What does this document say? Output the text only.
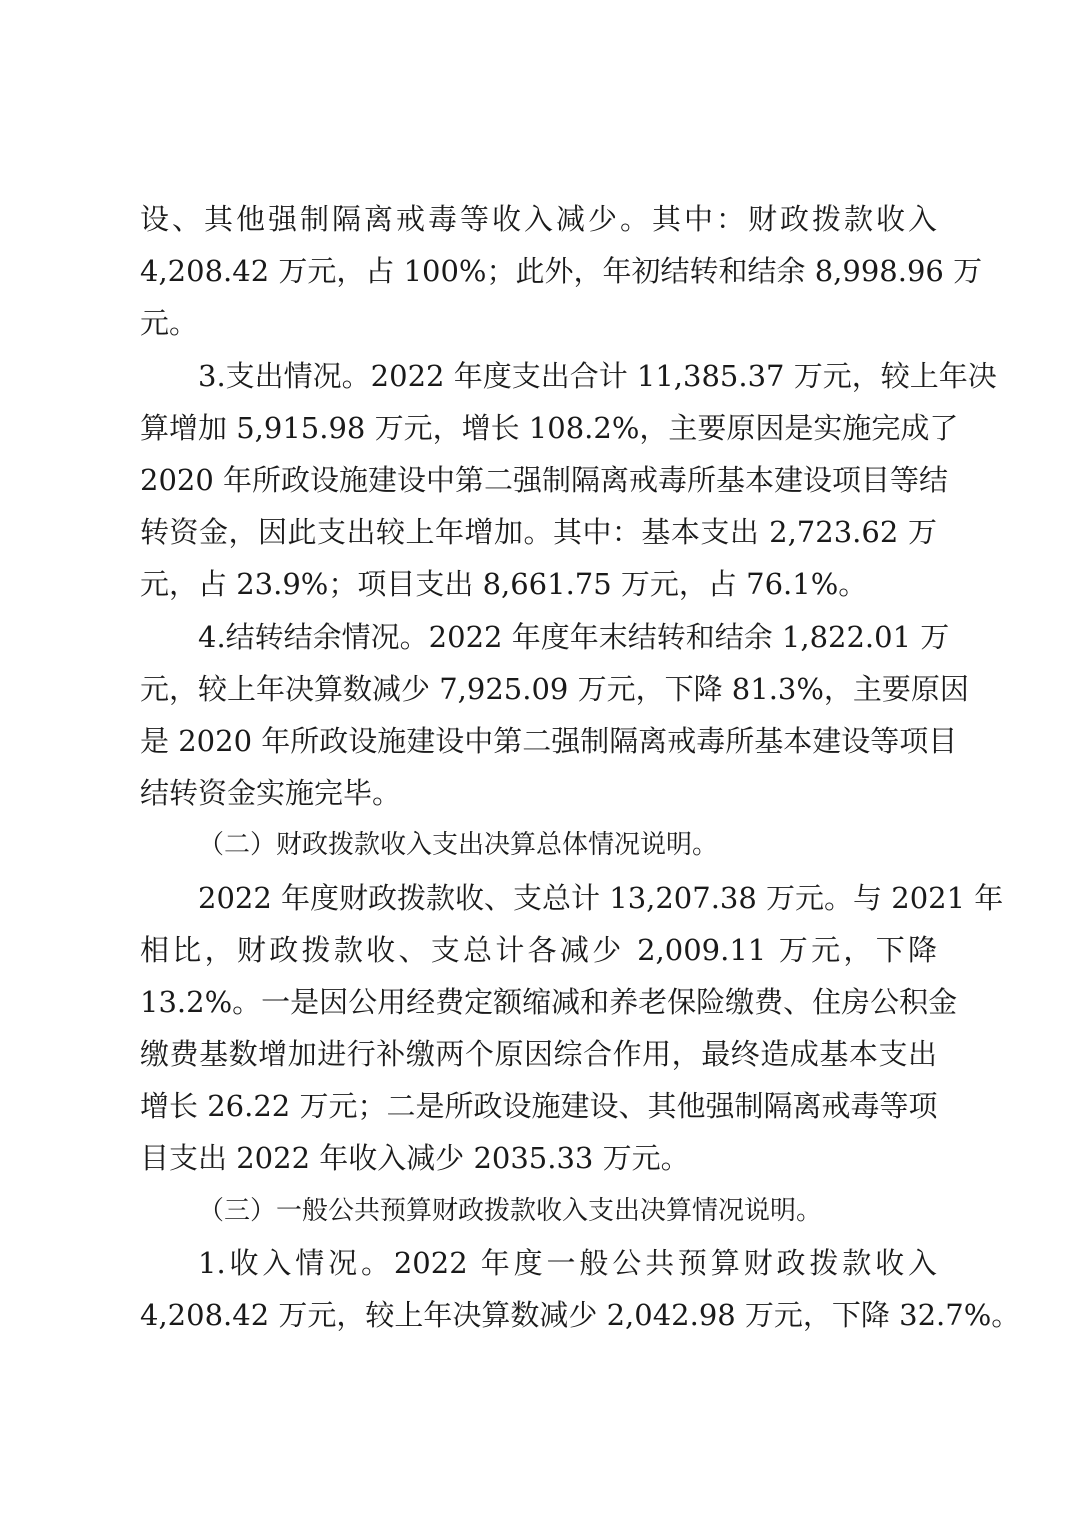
设、其他强制隔离戒毒等收入减少。其中：财政拨款收入
4,208.42 万元，占 100%；此外，年初结转和结余 8,998.96 万
元。
3.支出情况。2022 年度支出合计 11,385.37 万元，较上年决
算增加 5,915.98 万元，增长 108.2%，主要原因是实施完成了
2020 年所政设施建设中第二强制隔离戒毒所基本建设项目等结
转资金，因此支出较上年增加。其中：基本支出 2,723.62 万
元，占 23.9%；项目支出 8,661.75 万元，占 76.1%。
4.结转结余情况。2022 年度年末结转和结余 1,822.01 万
元，较上年决算数减少 7,925.09 万元，下降 81.3%，主要原因
是 2020 年所政设施建设中第二强制隔离戒毒所基本建设等项目
结转资金实施完毕。
（二）财政拨款收入支出决算总体情况说明。
2022 年度财政拨款收、支总计 13,207.38 万元。与 2021 年
相比，财政拨款收、支总计各减少 2,009.11 万元，下降
13.2%。一是因公用经费定额缩减和养老保险缴费、住房公积金
缴费基数增加进行补缴两个原因综合作用，最终造成基本支出
增长 26.22 万元；二是所政设施建设、其他强制隔离戒毒等项
目支出 2022 年收入减少 2035.33 万元。
（三）一般公共预算财政拨款收入支出决算情况说明。
1.收入情况。2022 年度一般公共预算财政拨款收入
4,208.42 万元，较上年决算数减少 2,042.98 万元，下降 32.7%。
